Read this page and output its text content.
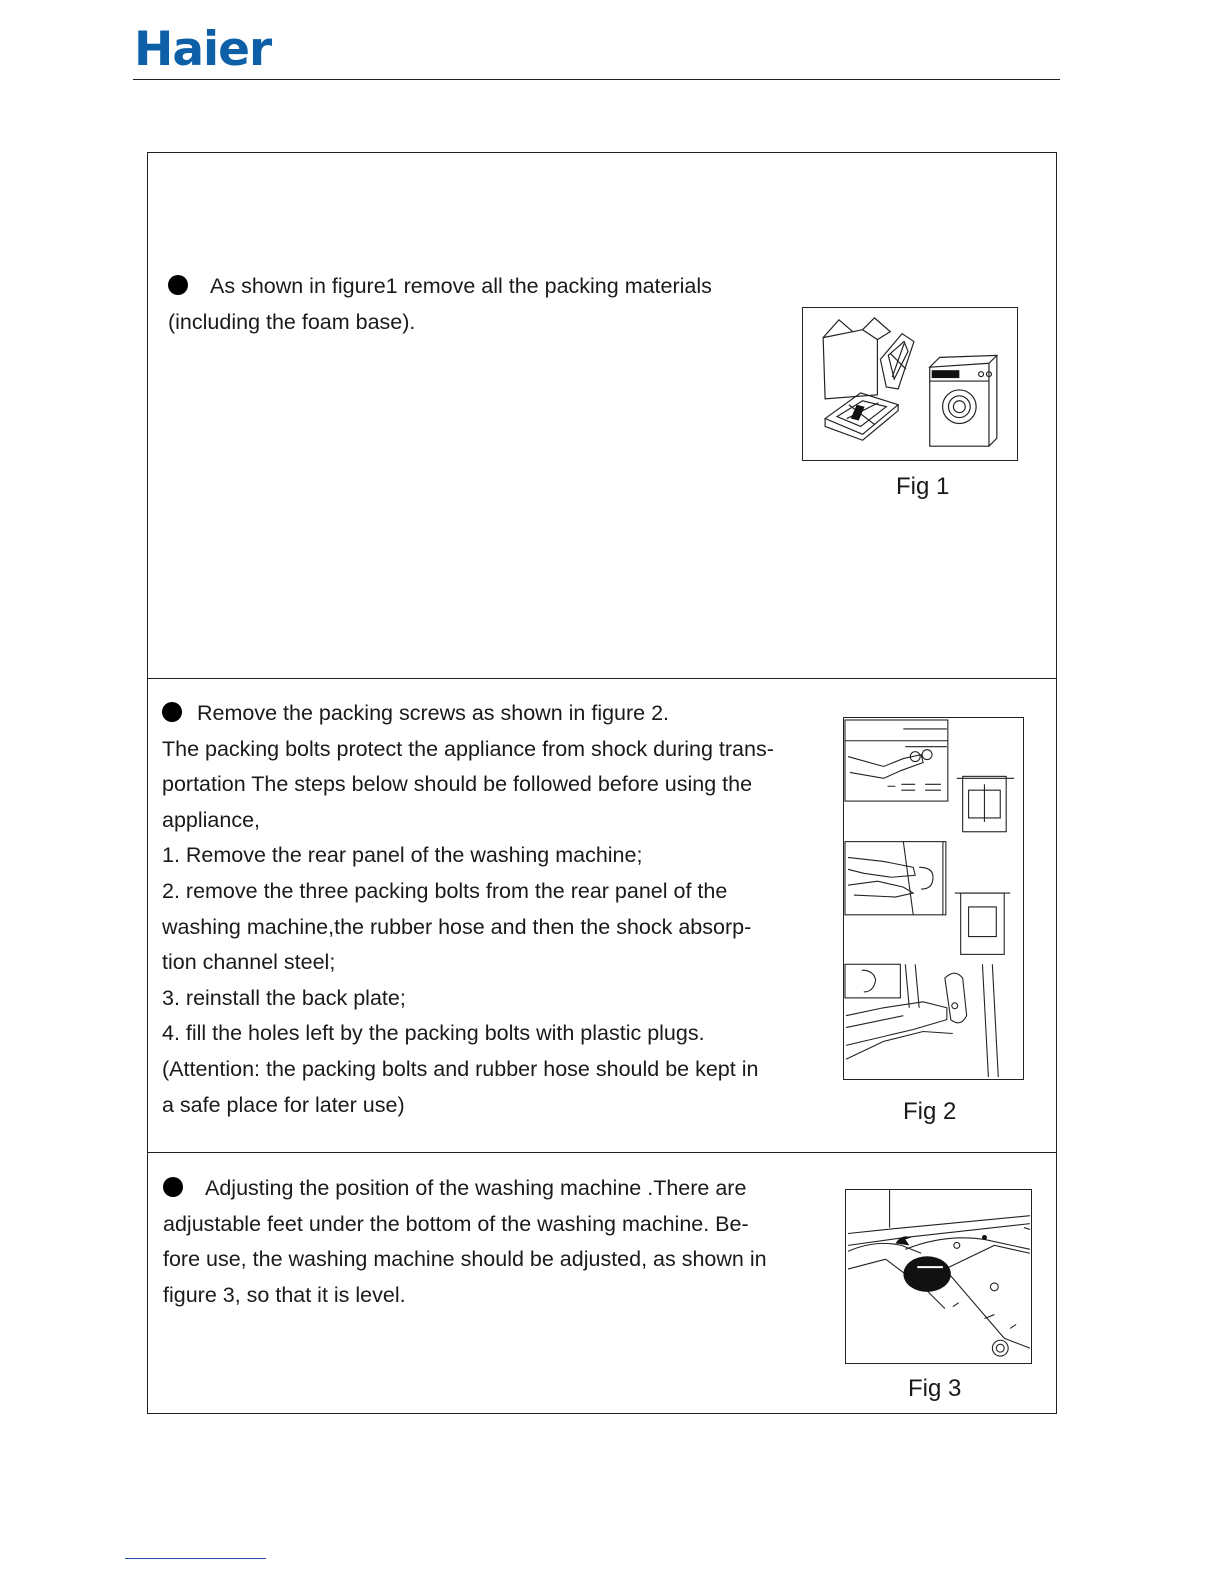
Haier
As shown in figure1 remove all the packing materials
(including the foam base).
Fig 1
Remove the packing screws as shown in figure 2.
The packing bolts protect the appliance from shock during trans-
portation The steps below should be followed before using the
appliance,
1. Remove the rear panel of the washing machine;
2. remove the three packing bolts from the rear panel of the
washing machine,the rubber hose and then the shock absorp-
tion channel steel;
3. reinstall the back plate;
4. fill the holes left by the packing bolts with plastic plugs.
(Attention: the packing bolts and rubber hose should be kept in
a safe place for later use)	Fig 2
Adjusting the position of the washing machine .There are
adjustable feet under the bottom of the washing machine. Be-
fore use, the washing machine should be adjusted, as shown in
figure 3, so that it is level.
Fig 3
